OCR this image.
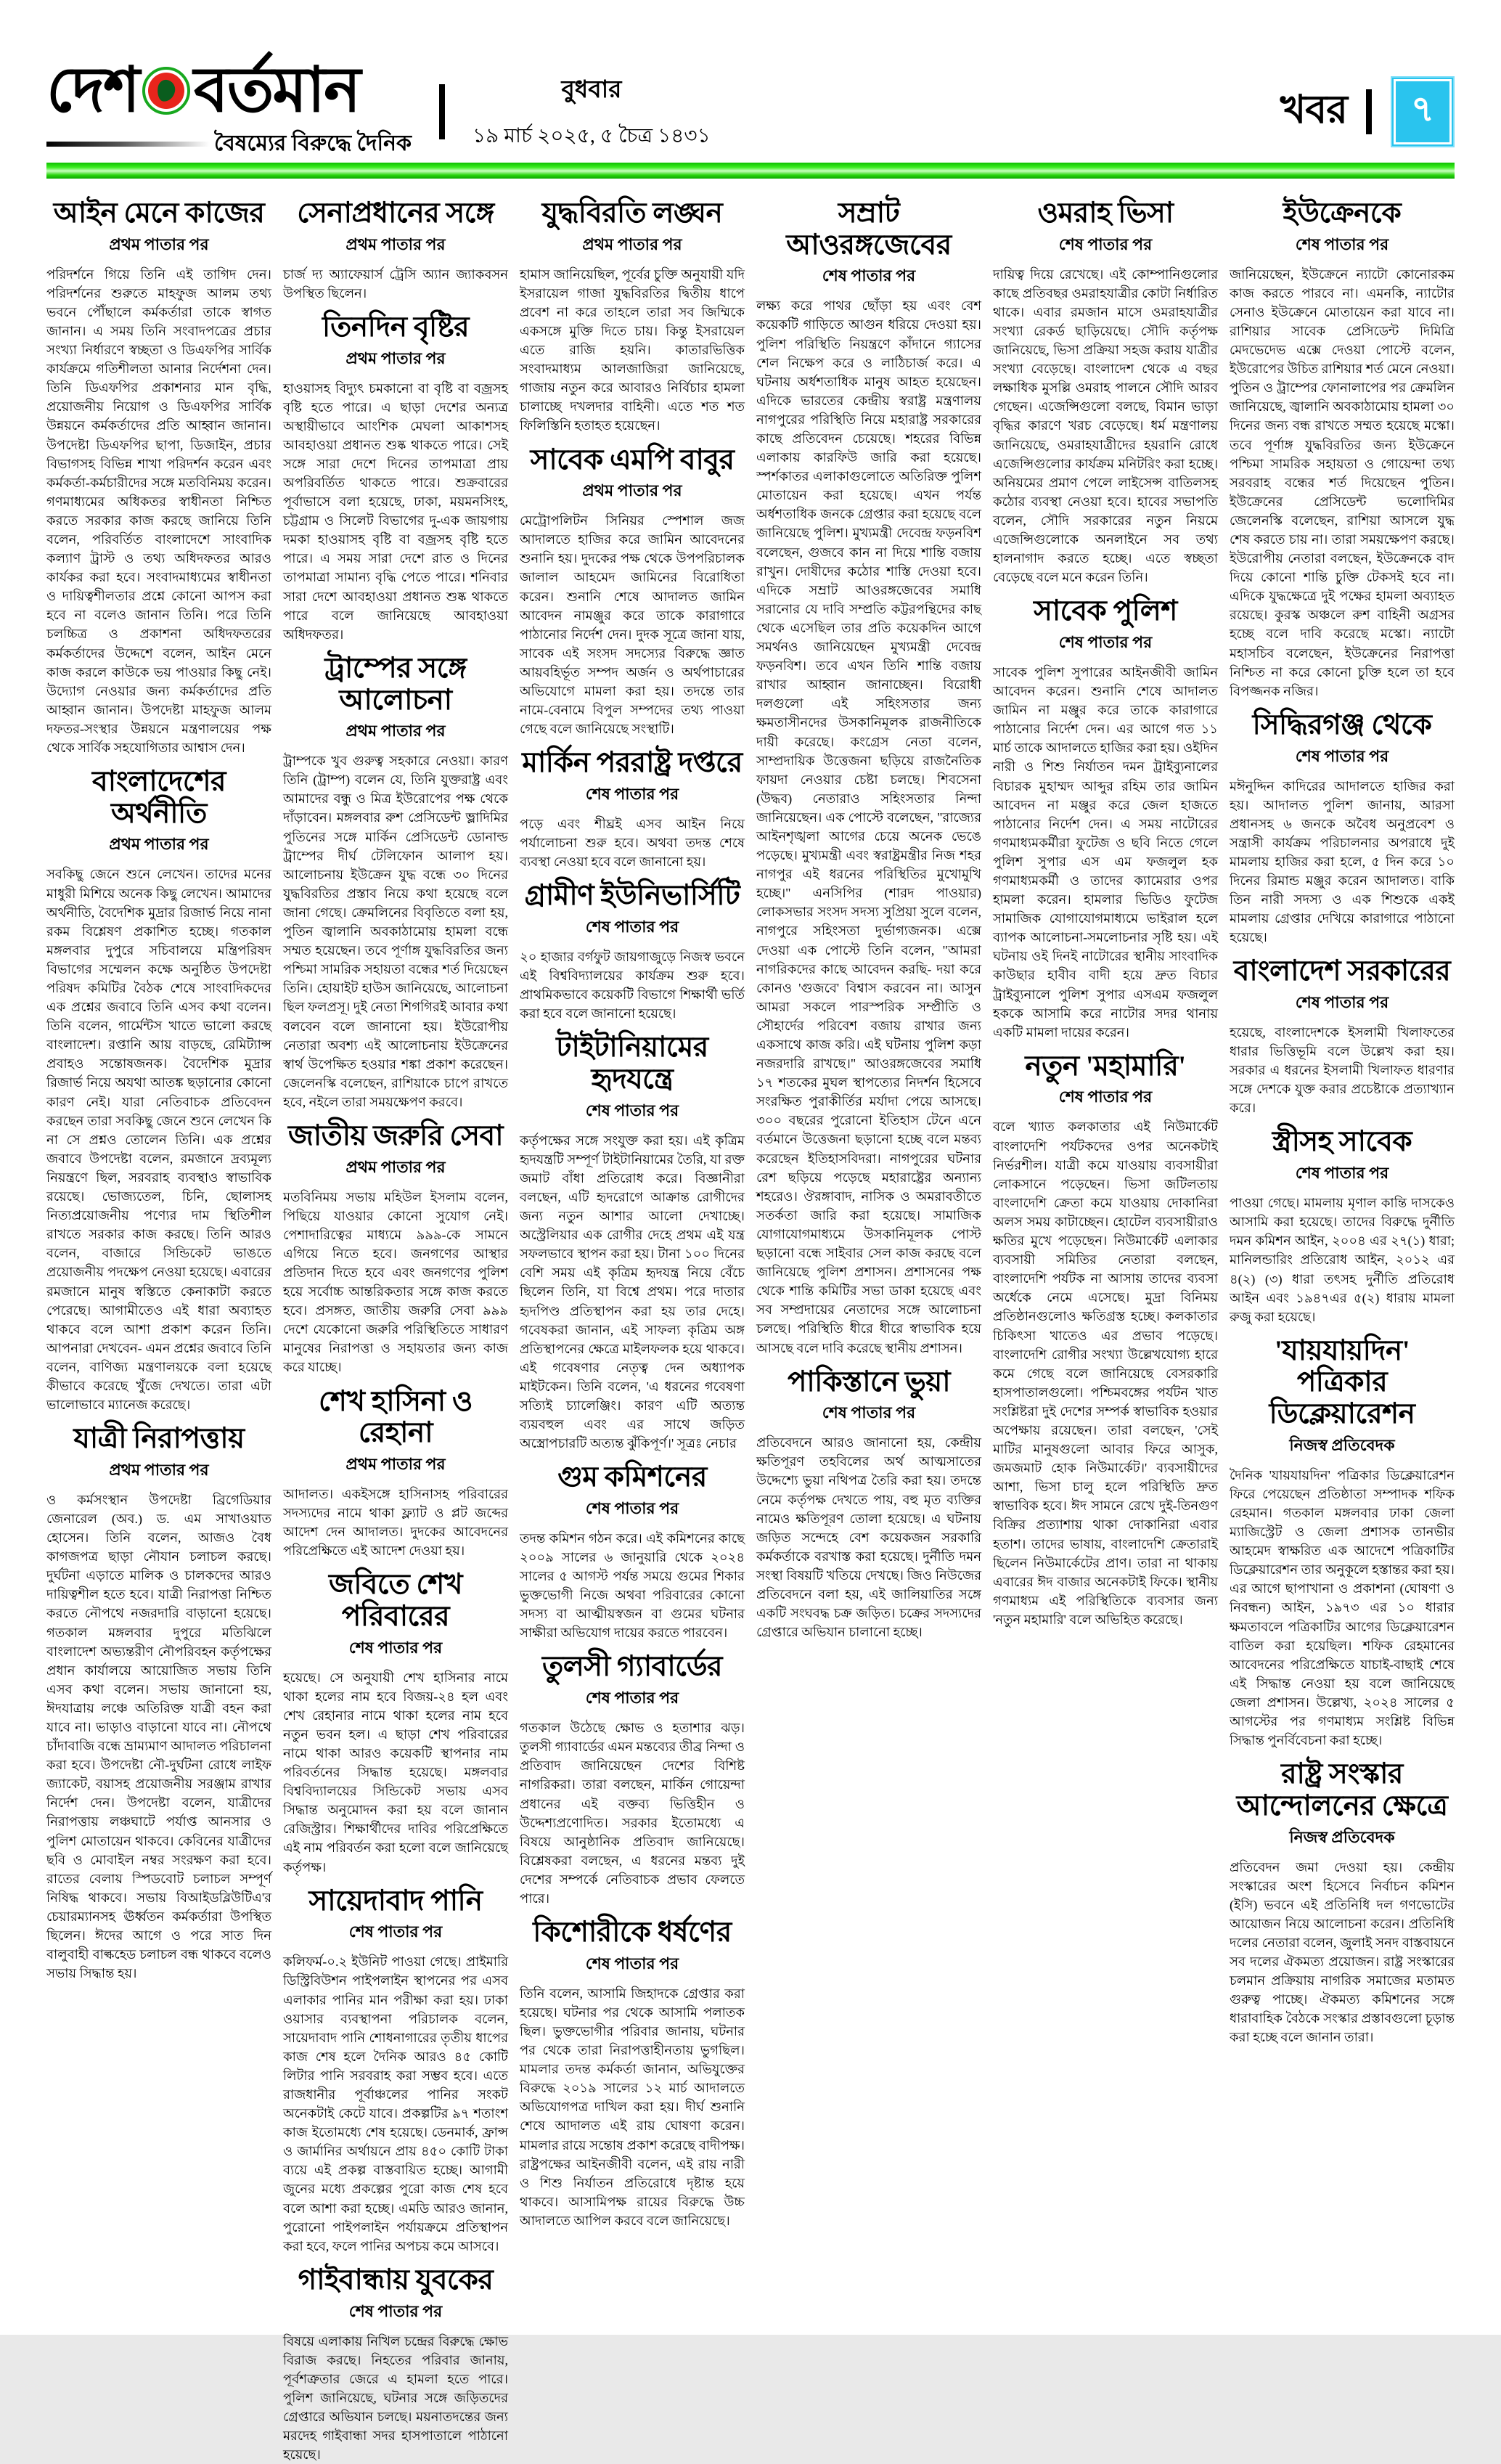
দেশ বর্তমান
বৈষম্যের বিরুদ্ধে দৈনিক
বুধবার
১৯ মার্চ ২০২৫, ৫ চৈত্র ১৪৩১
খবর	৭
আইন মেনে কাজের
প্রথম পাতার পর
পরিদর্শনে গিয়ে তিনি এই তাগিদ দেন। পরিদর্শনের শুরুতে মাহফুজ আলম তথ্য ভবনে পৌঁছালে কর্মকর্তারা তাকে স্বাগত জানান। এ সময় তিনি সংবাদপত্রের প্রচার সংখ্যা নির্ধারণে স্বচ্ছতা ও ডিএফপির সার্বিক কার্যক্রমে গতিশীলতা আনার নির্দেশনা দেন। তিনি ডিএফপির প্রকাশনার মান বৃদ্ধি, প্রয়োজনীয় নিয়োগ ও ডিএফপির সার্বিক উন্নয়নে কর্মকর্তাদের প্রতি আহ্বান জানান। উপদেষ্টা ডিএফপির ছাপা, ডিজাইন, প্রচার বিভাগসহ বিভিন্ন শাখা পরিদর্শন করেন এবং কর্মকর্তা-কর্মচারীদের সঙ্গে মতবিনিময় করেন। গণমাধ্যমের অধিকতর স্বাধীনতা নিশ্চিত করতে সরকার কাজ করছে জানিয়ে তিনি বলেন, পরিবর্তিত বাংলাদেশে সাংবাদিক কল্যাণ ট্রাস্ট ও তথ্য অধিদফতর আরও কার্যকর করা হবে। সংবাদমাধ্যমের স্বাধীনতা ও দায়িত্বশীলতার প্রশ্নে কোনো আপস করা হবে না বলেও জানান তিনি। পরে তিনি চলচ্চিত্র ও প্রকাশনা অধিদফতরের কর্মকর্তাদের উদ্দেশে বলেন, আইন মেনে কাজ করলে কাউকে ভয় পাওয়ার কিছু নেই। উদ্যোগ নেওয়ার জন্য কর্মকর্তাদের প্রতি আহ্বান জানান। উপদেষ্টা মাহফুজ আলম দফতর-সংস্থার উন্নয়নে মন্ত্রণালয়ের পক্ষ থেকে সার্বিক সহযোগিতার আশ্বাস দেন।
বাংলাদেশের অর্থনীতি
প্রথম পাতার পর
সবকিছু জেনে শুনে লেখেন। তাদের মনের মাধুরী মিশিয়ে অনেক কিছু লেখেন। আমাদের অর্থনীতি, বৈদেশিক মুদ্রার রিজার্ভ নিয়ে নানা রকম বিশ্লেষণ প্রকাশিত হচ্ছে। গতকাল মঙ্গলবার দুপুরে সচিবালয়ে মন্ত্রিপরিষদ বিভাগের সম্মেলন কক্ষে অনুষ্ঠিত উপদেষ্টা পরিষদ কমিটির বৈঠক শেষে সাংবাদিকদের এক প্রশ্নের জবাবে তিনি এসব কথা বলেন। তিনি বলেন, গার্মেন্টস খাতে ভালো করছে বাংলাদেশ। রপ্তানি আয় বাড়ছে, রেমিট্যান্স প্রবাহও সন্তোষজনক। বৈদেশিক মুদ্রার রিজার্ভ নিয়ে অযথা আতঙ্ক ছড়ানোর কোনো কারণ নেই। যারা নেতিবাচক প্রতিবেদন করছেন তারা সবকিছু জেনে শুনে লেখেন কি না সে প্রশ্নও তোলেন তিনি। এক প্রশ্নের জবাবে উপদেষ্টা বলেন, রমজানে দ্রব্যমূল্য নিয়ন্ত্রণে ছিল, সরবরাহ ব্যবস্থাও স্বাভাবিক রয়েছে। ভোজ্যতেল, চিনি, ছোলাসহ নিত্যপ্রয়োজনীয় পণ্যের দাম স্থিতিশীল রাখতে সরকার কাজ করছে। তিনি আরও বলেন, বাজারে সিন্ডিকেট ভাঙতে প্রয়োজনীয় পদক্ষেপ নেওয়া হয়েছে। এবারের রমজানে মানুষ স্বস্তিতে কেনাকাটা করতে পেরেছে। আগামীতেও এই ধারা অব্যাহত থাকবে বলে আশা প্রকাশ করেন তিনি। আপনারা দেখবেন- এমন প্রশ্নের জবাবে তিনি বলেন, বাণিজ্য মন্ত্রণালয়কে বলা হয়েছে কীভাবে করেছে খুঁজে দেখতে। তারা এটা ভালোভাবে ম্যানেজ করেছে।
যাত্রী নিরাপত্তায়
প্রথম পাতার পর
ও কর্মসংস্থান উপদেষ্টা ব্রিগেডিয়ার জেনারেল (অব.) ড. এম সাখাওয়াত হোসেন। তিনি বলেন, আজও বৈধ কাগজপত্র ছাড়া নৌযান চলাচল করছে। দুর্ঘটনা এড়াতে মালিক ও চালকদের আরও দায়িত্বশীল হতে হবে। যাত্রী নিরাপত্তা নিশ্চিত করতে নৌপথে নজরদারি বাড়ানো হয়েছে। গতকাল মঙ্গলবার দুপুরে মতিঝিলে বাংলাদেশ অভ্যন্তরীণ নৌপরিবহন কর্তৃপক্ষের প্রধান কার্যালয়ে আয়োজিত সভায় তিনি এসব কথা বলেন। সভায় জানানো হয়, ঈদযাত্রায় লঞ্চে অতিরিক্ত যাত্রী বহন করা যাবে না। ভাড়াও বাড়ানো যাবে না। নৌপথে চাঁদাবাজি বন্ধে ভ্রাম্যমাণ আদালত পরিচালনা করা হবে। উপদেষ্টা নৌ-দুর্ঘটনা রোধে লাইফ জ্যাকেট, বয়াসহ প্রয়োজনীয় সরঞ্জাম রাখার নির্দেশ দেন। উপদেষ্টা বলেন, যাত্রীদের নিরাপত্তায় লঞ্চঘাটে পর্যাপ্ত আনসার ও পুলিশ মোতায়েন থাকবে। কেবিনের যাত্রীদের ছবি ও মোবাইল নম্বর সংরক্ষণ করা হবে। রাতের বেলায় স্পিডবোট চলাচল সম্পূর্ণ নিষিদ্ধ থাকবে। সভায় বিআইডব্লিউটিএ'র চেয়ারম্যানসহ ঊর্ধ্বতন কর্মকর্তারা উপস্থিত ছিলেন। ঈদের আগে ও পরে সাত দিন বালুবাহী বাল্কহেড চলাচল বন্ধ থাকবে বলেও সভায় সিদ্ধান্ত হয়।
সেনাপ্রধানের সঙ্গে
প্রথম পাতার পর
চার্জ দ্য অ্যাফেয়ার্স ট্রেসি অ্যান জ্যাকবসন উপস্থিত ছিলেন।
তিনদিন বৃষ্টির
প্রথম পাতার পর
হাওয়াসহ বিদ্যুৎ চমকানো বা বৃষ্টি বা বজ্রসহ বৃষ্টি হতে পারে। এ ছাড়া দেশের অন্যত্র অস্থায়ীভাবে আংশিক মেঘলা আকাশসহ আবহাওয়া প্রধানত শুষ্ক থাকতে পারে। সেই সঙ্গে সারা দেশে দিনের তাপমাত্রা প্রায় অপরিবর্তিত থাকতে পারে। শুক্রবারের পূর্বাভাসে বলা হয়েছে, ঢাকা, ময়মনসিংহ, চট্টগ্রাম ও সিলেট বিভাগের দু-এক জায়গায় দমকা হাওয়াসহ বৃষ্টি বা বজ্রসহ বৃষ্টি হতে পারে। এ সময় সারা দেশে রাত ও দিনের তাপমাত্রা সামান্য বৃদ্ধি পেতে পারে। শনিবার সারা দেশে আবহাওয়া প্রধানত শুষ্ক থাকতে পারে বলে জানিয়েছে আবহাওয়া অধিদফতর।
ট্রাম্পের সঙ্গে আলোচনা
প্রথম পাতার পর
ট্রাম্পকে খুব গুরুত্ব সহকারে নেওয়া। কারণ তিনি (ট্রাম্প) বলেন যে, তিনি যুক্তরাষ্ট্র এবং আমাদের বন্ধু ও মিত্র ইউরোপের পক্ষ থেকে দাঁড়াবেন। মঙ্গলবার রুশ প্রেসিডেন্ট ভ্লাদিমির পুতিনের সঙ্গে মার্কিন প্রেসিডেন্ট ডোনাল্ড ট্রাম্পের দীর্ঘ টেলিফোন আলাপ হয়। আলোচনায় ইউক্রেন যুদ্ধ বন্ধে ৩০ দিনের যুদ্ধবিরতির প্রস্তাব নিয়ে কথা হয়েছে বলে জানা গেছে। ক্রেমলিনের বিবৃতিতে বলা হয়, পুতিন জ্বালানি অবকাঠামোয় হামলা বন্ধে সম্মত হয়েছেন। তবে পূর্ণাঙ্গ যুদ্ধবিরতির জন্য পশ্চিমা সামরিক সহায়তা বন্ধের শর্ত দিয়েছেন তিনি। হোয়াইট হাউস জানিয়েছে, আলোচনা ছিল ফলপ্রসূ। দুই নেতা শিগগিরই আবার কথা বলবেন বলে জানানো হয়। ইউরোপীয় নেতারা অবশ্য এই আলোচনায় ইউক্রেনের স্বার্থ উপেক্ষিত হওয়ার শঙ্কা প্রকাশ করেছেন। জেলেনস্কি বলেছেন, রাশিয়াকে চাপে রাখতে হবে, নইলে তারা সময়ক্ষেপণ করবে।
জাতীয় জরুরি সেবা
প্রথম পাতার পর
মতবিনিময় সভায় মহিউল ইসলাম বলেন, পিছিয়ে যাওয়ার কোনো সুযোগ নেই। পেশাদারিত্বের মাধ্যমে ৯৯৯-কে সামনে এগিয়ে নিতে হবে। জনগণের আস্থার প্রতিদান দিতে হবে এবং জনগণের পুলিশ হয়ে সর্বোচ্চ আন্তরিকতার সঙ্গে কাজ করতে হবে। প্রসঙ্গত, জাতীয় জরুরি সেবা ৯৯৯ দেশে যেকোনো জরুরি পরিস্থিতিতে সাধারণ মানুষের নিরাপত্তা ও সহায়তার জন্য কাজ করে যাচ্ছে।
শেখ হাসিনা ও রেহানা
প্রথম পাতার পর
আদালত। একইসঙ্গে হাসিনাসহ পরিবারের সদস্যদের নামে থাকা ফ্ল্যাট ও প্লট জব্দের আদেশ দেন আদালত। দুদকের আবেদনের পরিপ্রেক্ষিতে এই আদেশ দেওয়া হয়।
জবিতে শেখ পরিবারের
শেষ পাতার পর
হয়েছে। সে অনুযায়ী শেখ হাসিনার নামে থাকা হলের নাম হবে বিজয়-২৪ হল এবং শেখ রেহানার নামে থাকা হলের নাম হবে নতুন ভবন হল। এ ছাড়া শেখ পরিবারের নামে থাকা আরও কয়েকটি স্থাপনার নাম পরিবর্তনের সিদ্ধান্ত হয়েছে। মঙ্গলবার বিশ্ববিদ্যালয়ের সিন্ডিকেট সভায় এসব সিদ্ধান্ত অনুমোদন করা হয় বলে জানান রেজিস্ট্রার। শিক্ষার্থীদের দাবির পরিপ্রেক্ষিতে এই নাম পরিবর্তন করা হলো বলে জানিয়েছে কর্তৃপক্ষ।
সায়েদাবাদ পানি
শেষ পাতার পর
কলিফর্ম-০.২ ইউনিট পাওয়া গেছে। প্রাইমারি ডিস্ট্রিবিউশন পাইপলাইন স্থাপনের পর এসব এলাকার পানির মান পরীক্ষা করা হয়। ঢাকা ওয়াসার ব্যবস্থাপনা পরিচালক বলেন, সায়েদাবাদ পানি শোধনাগারের তৃতীয় ধাপের কাজ শেষ হলে দৈনিক আরও ৪৫ কোটি লিটার পানি সরবরাহ করা সম্ভব হবে। এতে রাজধানীর পূর্বাঞ্চলের পানির সংকট অনেকটাই কেটে যাবে। প্রকল্পটির ৯৭ শতাংশ কাজ ইতোমধ্যে শেষ হয়েছে। ডেনমার্ক, ফ্রান্স ও জার্মানির অর্থায়নে প্রায় ৪৫০ কোটি টাকা ব্যয়ে এই প্রকল্প বাস্তবায়িত হচ্ছে। আগামী জুনের মধ্যে প্রকল্পের পুরো কাজ শেষ হবে বলে আশা করা হচ্ছে। এমডি আরও জানান, পুরোনো পাইপলাইন পর্যায়ক্রমে প্রতিস্থাপন করা হবে, ফলে পানির অপচয় কমে আসবে।
গাইবান্ধায় যুবকের
শেষ পাতার পর
বিষয়ে এলাকায় নিখিল চন্দ্রের বিরুদ্ধে ক্ষোভ বিরাজ করছে। নিহতের পরিবার জানায়, পূর্বশত্রুতার জেরে এ হামলা হতে পারে। পুলিশ জানিয়েছে, ঘটনার সঙ্গে জড়িতদের গ্রেপ্তারে অভিযান চলছে। ময়নাতদন্তের জন্য মরদেহ গাইবান্ধা সদর হাসপাতালে পাঠানো হয়েছে।
যুদ্ধবিরতি লঙ্ঘন
প্রথম পাতার পর
হামাস জানিয়েছিল, পূর্বের চুক্তি অনুযায়ী যদি ইসরায়েল গাজা যুদ্ধবিরতির দ্বিতীয় ধাপে প্রবেশ না করে তাহলে তারা সব জিম্মিকে একসঙ্গে মুক্তি দিতে চায়। কিন্তু ইসরায়েল এতে রাজি হয়নি। কাতারভিত্তিক সংবাদমাধ্যম আলজাজিরা জানিয়েছে, গাজায় নতুন করে আবারও নির্বিচার হামলা চালাচ্ছে দখলদার বাহিনী। এতে শত শত ফিলিস্তিনি হতাহত হয়েছেন।
সাবেক এমপি বাবুর
প্রথম পাতার পর
মেট্রোপলিটন সিনিয়র স্পেশাল জজ আদালতে হাজির করে জামিন আবেদনের শুনানি হয়। দুদকের পক্ষ থেকে উপপরিচালক জালাল আহমেদ জামিনের বিরোধিতা করেন। শুনানি শেষে আদালত জামিন আবেদন নামঞ্জুর করে তাকে কারাগারে পাঠানোর নির্দেশ দেন। দুদক সূত্রে জানা যায়, সাবেক এই সংসদ সদস্যের বিরুদ্ধে জ্ঞাত আয়বহির্ভূত সম্পদ অর্জন ও অর্থপাচারের অভিযোগে মামলা করা হয়। তদন্তে তার নামে-বেনামে বিপুল সম্পদের তথ্য পাওয়া গেছে বলে জানিয়েছে সংস্থাটি।
মার্কিন পররাষ্ট্র দপ্তরে
শেষ পাতার পর
পড়ে এবং শীঘ্রই এসব আইন নিয়ে পর্যালোচনা শুরু হবে। অথবা তদন্ত শেষে ব্যবস্থা নেওয়া হবে বলে জানানো হয়।
গ্রামীণ ইউনিভার্সিটি
শেষ পাতার পর
২০ হাজার বর্গফুট জায়গাজুড়ে নিজস্ব ভবনে এই বিশ্ববিদ্যালয়ের কার্যক্রম শুরু হবে। প্রাথমিকভাবে কয়েকটি বিভাগে শিক্ষার্থী ভর্তি করা হবে বলে জানানো হয়েছে।
টাইটানিয়ামের হৃদযন্ত্রে
শেষ পাতার পর
কর্তৃপক্ষের সঙ্গে সংযুক্ত করা হয়। এই কৃত্রিম হৃদযন্ত্রটি সম্পূর্ণ টাইটানিয়ামের তৈরি, যা রক্ত জমাট বাঁধা প্রতিরোধ করে। বিজ্ঞানীরা বলছেন, এটি হৃদরোগে আক্রান্ত রোগীদের জন্য নতুন আশার আলো দেখাচ্ছে। অস্ট্রেলিয়ার এক রোগীর দেহে প্রথম এই যন্ত্র সফলভাবে স্থাপন করা হয়। টানা ১০০ দিনের বেশি সময় এই কৃত্রিম হৃদযন্ত্র নিয়ে বেঁচে ছিলেন তিনি, যা বিশ্বে প্রথম। পরে দাতার হৃদপিণ্ড প্রতিস্থাপন করা হয় তার দেহে। গবেষকরা জানান, এই সাফল্য কৃত্রিম অঙ্গ প্রতিস্থাপনের ক্ষেত্রে মাইলফলক হয়ে থাকবে। এই গবেষণার নেতৃত্ব দেন অধ্যাপক মাইটকেন। তিনি বলেন, 'এ ধরনের গবেষণা সত্যিই চ্যালেঞ্জিং। কারণ এটি অত্যন্ত ব্যয়বহুল এবং এর সাথে জড়িত অস্ত্রোপচারটি অত্যন্ত ঝুঁকিপূর্ণ।' সূত্রঃ নেচার
গুম কমিশনের
শেষ পাতার পর
তদন্ত কমিশন গঠন করে। এই কমিশনের কাছে ২০০৯ সালের ৬ জানুয়ারি থেকে ২০২৪ সালের ৫ আগস্ট পর্যন্ত সময়ে গুমের শিকার ভুক্তভোগী নিজে অথবা পরিবারের কোনো সদস্য বা আত্মীয়স্বজন বা গুমের ঘটনার সাক্ষীরা অভিযোগ দায়ের করতে পারবেন।
তুলসী গ্যাবার্ডের
শেষ পাতার পর
গতকাল উঠেছে ক্ষোভ ও হতাশার ঝড়। তুলসী গ্যাবার্ডের এমন মন্তব্যের তীব্র নিন্দা ও প্রতিবাদ জানিয়েছেন দেশের বিশিষ্ট নাগরিকরা। তারা বলছেন, মার্কিন গোয়েন্দা প্রধানের এই বক্তব্য ভিত্তিহীন ও উদ্দেশ্যপ্রণোদিত। সরকার ইতোমধ্যে এ বিষয়ে আনুষ্ঠানিক প্রতিবাদ জানিয়েছে। বিশ্লেষকরা বলছেন, এ ধরনের মন্তব্য দুই দেশের সম্পর্কে নেতিবাচক প্রভাব ফেলতে পারে।
কিশোরীকে ধর্ষণের
শেষ পাতার পর
তিনি বলেন, আসামি জিহাদকে গ্রেপ্তার করা হয়েছে। ঘটনার পর থেকে আসামি পলাতক ছিল। ভুক্তভোগীর পরিবার জানায়, ঘটনার পর থেকে তারা নিরাপত্তাহীনতায় ভুগছিল। মামলার তদন্ত কর্মকর্তা জানান, অভিযুক্তের বিরুদ্ধে ২০১৯ সালের ১২ মার্চ আদালতে অভিযোগপত্র দাখিল করা হয়। দীর্ঘ শুনানি শেষে আদালত এই রায় ঘোষণা করেন। মামলার রায়ে সন্তোষ প্রকাশ করেছে বাদীপক্ষ। রাষ্ট্রপক্ষের আইনজীবী বলেন, এই রায় নারী ও শিশু নির্যাতন প্রতিরোধে দৃষ্টান্ত হয়ে থাকবে। আসামিপক্ষ রায়ের বিরুদ্ধে উচ্চ আদালতে আপিল করবে বলে জানিয়েছে।
সম্রাট আওরঙ্গজেবের
শেষ পাতার পর
লক্ষ্য করে পাথর ছোঁড়া হয় এবং বেশ কয়েকটি গাড়িতে আগুন ধরিয়ে দেওয়া হয়। পুলিশ পরিস্থিতি নিয়ন্ত্রণে কাঁদানে গ্যাসের শেল নিক্ষেপ করে ও লাঠিচার্জ করে। এ ঘটনায় অর্ধশতাধিক মানুষ আহত হয়েছেন। এদিকে ভারতের কেন্দ্রীয় স্বরাষ্ট্র মন্ত্রণালয় নাগপুরের পরিস্থিতি নিয়ে মহারাষ্ট্র সরকারের কাছে প্রতিবেদন চেয়েছে। শহরের বিভিন্ন এলাকায় কারফিউ জারি করা হয়েছে। স্পর্শকাতর এলাকাগুলোতে অতিরিক্ত পুলিশ মোতায়েন করা হয়েছে। এখন পর্যন্ত অর্ধশতাধিক জনকে গ্রেপ্তার করা হয়েছে বলে জানিয়েছে পুলিশ। মুখ্যমন্ত্রী দেবেন্দ্র ফড়নবিশ বলেছেন, গুজবে কান না দিয়ে শান্তি বজায় রাখুন। দোষীদের কঠোর শাস্তি দেওয়া হবে। এদিকে সম্রাট আওরঙ্গজেবের সমাধি সরানোর যে দাবি সম্প্রতি কট্টরপন্থিদের কাছ থেকে এসেছিল তার প্রতি কয়েকদিন আগে সমর্থনও জানিয়েছেন মুখ্যমন্ত্রী দেবেন্দ্র ফড়নবিশ। তবে এখন তিনি শান্তি বজায় রাখার আহ্বান জানাচ্ছেন। বিরোধী দলগুলো এই সহিংসতার জন্য ক্ষমতাসীনদের উসকানিমূলক রাজনীতিকে দায়ী করেছে। কংগ্রেস নেতা বলেন, সাম্প্রদায়িক উত্তেজনা ছড়িয়ে রাজনৈতিক ফায়দা নেওয়ার চেষ্টা চলছে। শিবসেনা (উদ্ধব) নেতারাও সহিংসতার নিন্দা জানিয়েছেন। এক পোস্টে বলেছেন, "রাজ্যের আইনশৃঙ্খলা আগের চেয়ে অনেক ভেঙে পড়েছে। মুখ্যমন্ত্রী এবং স্বরাষ্ট্রমন্ত্রীর নিজ শহর নাগপুর এই ধরনের পরিস্থিতির মুখোমুখি হচ্ছে।" এনসিপির (শারদ পাওয়ার) লোকসভার সংসদ সদস্য সুপ্রিয়া সুলে বলেন, নাগপুরে সহিংসতা দুর্ভাগ্যজনক। এক্সে দেওয়া এক পোস্টে তিনি বলেন, "আমরা নাগরিকদের কাছে আবেদন করছি- দয়া করে কোনও 'গুজবে' বিশ্বাস করবেন না। আসুন আমরা সকলে পারস্পরিক সম্প্রীতি ও সৌহার্দের পরিবেশ বজায় রাখার জন্য একসাথে কাজ করি। এই ঘটনায় পুলিশ কড়া নজরদারি রাখছে।" আওরঙ্গজেবের সমাধি ১৭ শতকের মুঘল স্থাপত্যের নিদর্শন হিসেবে সংরক্ষিত পুরাকীর্তির মর্যাদা পেয়ে আসছে। ৩০০ বছরের পুরোনো ইতিহাস টেনে এনে বর্তমানে উত্তেজনা ছড়ানো হচ্ছে বলে মন্তব্য করেছেন ইতিহাসবিদরা। নাগপুরের ঘটনার রেশ ছড়িয়ে পড়েছে মহারাষ্ট্রের অন্যান্য শহরেও। ঔরঙ্গাবাদ, নাসিক ও অমরাবতীতে সতর্কতা জারি করা হয়েছে। সামাজিক যোগাযোগমাধ্যমে উসকানিমূলক পোস্ট ছড়ানো বন্ধে সাইবার সেল কাজ করছে বলে জানিয়েছে পুলিশ প্রশাসন। প্রশাসনের পক্ষ থেকে শান্তি কমিটির সভা ডাকা হয়েছে এবং সব সম্প্রদায়ের নেতাদের সঙ্গে আলোচনা চলছে। পরিস্থিতি ধীরে ধীরে স্বাভাবিক হয়ে আসছে বলে দাবি করেছে স্থানীয় প্রশাসন।
পাকিস্তানে ভুয়া
শেষ পাতার পর
প্রতিবেদনে আরও জানানো হয়, কেন্দ্রীয় ক্ষতিপূরণ তহবিলের অর্থ আত্মসাতের উদ্দেশ্যে ভুয়া নথিপত্র তৈরি করা হয়। তদন্তে নেমে কর্তৃপক্ষ দেখতে পায়, বহু মৃত ব্যক্তির নামেও ক্ষতিপূরণ তোলা হয়েছে। এ ঘটনায় জড়িত সন্দেহে বেশ কয়েকজন সরকারি কর্মকর্তাকে বরখাস্ত করা হয়েছে। দুর্নীতি দমন সংস্থা বিষয়টি খতিয়ে দেখছে। জিও নিউজের প্রতিবেদনে বলা হয়, এই জালিয়াতির সঙ্গে একটি সংঘবদ্ধ চক্র জড়িত। চক্রের সদস্যদের গ্রেপ্তারে অভিযান চালানো হচ্ছে।
ওমরাহ ভিসা
শেষ পাতার পর
দায়িত্ব দিয়ে রেখেছে। এই কোম্পানিগুলোর কাছে প্রতিবছর ওমরাহযাত্রীর কোটা নির্ধারিত থাকে। এবার রমজান মাসে ওমরাহযাত্রীর সংখ্যা রেকর্ড ছাড়িয়েছে। সৌদি কর্তৃপক্ষ জানিয়েছে, ভিসা প্রক্রিয়া সহজ করায় যাত্রীর সংখ্যা বেড়েছে। বাংলাদেশ থেকে এ বছর লক্ষাধিক মুসল্লি ওমরাহ পালনে সৌদি আরব গেছেন। এজেন্সিগুলো বলছে, বিমান ভাড়া বৃদ্ধির কারণে খরচ বেড়েছে। ধর্ম মন্ত্রণালয় জানিয়েছে, ওমরাহযাত্রীদের হয়রানি রোধে এজেন্সিগুলোর কার্যক্রম মনিটরিং করা হচ্ছে। অনিয়মের প্রমাণ পেলে লাইসেন্স বাতিলসহ কঠোর ব্যবস্থা নেওয়া হবে। হাবের সভাপতি বলেন, সৌদি সরকারের নতুন নিয়মে এজেন্সিগুলোকে অনলাইনে সব তথ্য হালনাগাদ করতে হচ্ছে। এতে স্বচ্ছতা বেড়েছে বলে মনে করেন তিনি।
সাবেক পুলিশ
শেষ পাতার পর
সাবেক পুলিশ সুপারের আইনজীবী জামিন আবেদন করেন। শুনানি শেষে আদালত জামিন না মঞ্জুর করে তাকে কারাগারে পাঠানোর নির্দেশ দেন। এর আগে গত ১১ মার্চ তাকে আদালতে হাজির করা হয়। ওইদিন নারী ও শিশু নির্যাতন দমন ট্রাইব্যুনালের বিচারক মুহাম্মদ আব্দুর রহিম তার জামিন আবেদন না মঞ্জুর করে জেল হাজতে পাঠানোর নির্দেশ দেন। এ সময় নাটোরের গণমাধ্যমকর্মীরা ফুটেজ ও ছবি নিতে গেলে পুলিশ সুপার এস এম ফজলুল হক গণমাধ্যমকর্মী ও তাদের ক্যামেরার ওপর হামলা করেন। হামলার ভিডিও ফুটেজ সামাজিক যোগাযোগমাধ্যমে ভাইরাল হলে ব্যাপক আলোচনা-সমলোচনার সৃষ্টি হয়। এই ঘটনায় ওই দিনই নাটোরের স্থানীয় সাংবাদিক কাউছার হাবীব বাদী হয়ে দ্রুত বিচার ট্রাইব্যুনালে পুলিশ সুপার এসএম ফজলুল হককে আসামি করে নাটোর সদর থানায় একটি মামলা দায়ের করেন।
নতুন 'মহামারি'
শেষ পাতার পর
বলে খ্যাত কলকাতার এই নিউমার্কেট বাংলাদেশি পর্যটকদের ওপর অনেকটাই নির্ভরশীল। যাত্রী কমে যাওয়ায় ব্যবসায়ীরা লোকসানে পড়েছেন। ভিসা জটিলতায় বাংলাদেশি ক্রেতা কমে যাওয়ায় দোকানিরা অলস সময় কাটাচ্ছেন। হোটেল ব্যবসায়ীরাও ক্ষতির মুখে পড়েছেন। নিউমার্কেট এলাকার ব্যবসায়ী সমিতির নেতারা বলছেন, বাংলাদেশি পর্যটক না আসায় তাদের ব্যবসা অর্ধেকে নেমে এসেছে। মুদ্রা বিনিময় প্রতিষ্ঠানগুলোও ক্ষতিগ্রস্ত হচ্ছে। কলকাতার চিকিৎসা খাতেও এর প্রভাব পড়েছে। বাংলাদেশি রোগীর সংখ্যা উল্লেখযোগ্য হারে কমে গেছে বলে জানিয়েছে বেসরকারি হাসপাতালগুলো। পশ্চিমবঙ্গের পর্যটন খাত সংশ্লিষ্টরা দুই দেশের সম্পর্ক স্বাভাবিক হওয়ার অপেক্ষায় রয়েছেন। তারা বলছেন, 'সেই মাটির মানুষগুলো আবার ফিরে আসুক, জমজমাট হোক নিউমার্কেট।' ব্যবসায়ীদের আশা, ভিসা চালু হলে পরিস্থিতি দ্রুত স্বাভাবিক হবে। ঈদ সামনে রেখে দুই-তিনগুণ বিক্রির প্রত্যাশায় থাকা দোকানিরা এবার হতাশ। তাদের ভাষায়, বাংলাদেশি ক্রেতারাই ছিলেন নিউমার্কেটের প্রাণ। তারা না থাকায় এবারের ঈদ বাজার অনেকটাই ফিকে। স্থানীয় গণমাধ্যম এই পরিস্থিতিকে ব্যবসার জন্য 'নতুন মহামারি' বলে অভিহিত করেছে।
ইউক্রেনকে
শেষ পাতার পর
জানিয়েছেন, ইউক্রেনে ন্যাটো কোনোরকম কাজ করতে পারবে না। এমনকি, ন্যাটোর সেনাও ইউক্রেনে মোতায়েন করা যাবে না। রাশিয়ার সাবেক প্রেসিডেন্ট দিমিত্রি মেদভেদেভ এক্সে দেওয়া পোস্টে বলেন, ইউরোপের উচিত রাশিয়ার শর্ত মেনে নেওয়া। পুতিন ও ট্রাম্পের ফোনালাপের পর ক্রেমলিন জানিয়েছে, জ্বালানি অবকাঠামোয় হামলা ৩০ দিনের জন্য বন্ধ রাখতে সম্মত হয়েছে মস্কো। তবে পূর্ণাঙ্গ যুদ্ধবিরতির জন্য ইউক্রেনে পশ্চিমা সামরিক সহায়তা ও গোয়েন্দা তথ্য সরবরাহ বন্ধের শর্ত দিয়েছেন পুতিন। ইউক্রেনের প্রেসিডেন্ট ভলোদিমির জেলেনস্কি বলেছেন, রাশিয়া আসলে যুদ্ধ শেষ করতে চায় না। তারা সময়ক্ষেপণ করছে। ইউরোপীয় নেতারা বলছেন, ইউক্রেনকে বাদ দিয়ে কোনো শান্তি চুক্তি টেকসই হবে না। এদিকে যুদ্ধক্ষেত্রে দুই পক্ষের হামলা অব্যাহত রয়েছে। কুরস্ক অঞ্চলে রুশ বাহিনী অগ্রসর হচ্ছে বলে দাবি করেছে মস্কো। ন্যাটো মহাসচিব বলেছেন, ইউক্রেনের নিরাপত্তা নিশ্চিত না করে কোনো চুক্তি হলে তা হবে বিপজ্জনক নজির।
সিদ্ধিরগঞ্জ থেকে
শেষ পাতার পর
মঈনুদ্দিন কাদিরের আদালতে হাজির করা হয়। আদালত পুলিশ জানায়, আরসা প্রধানসহ ৬ জনকে অবৈধ অনুপ্রবেশ ও সন্ত্রাসী কার্যক্রম পরিচালনার অপরাধে দুই মামলায় হাজির করা হলে, ৫ দিন করে ১০ দিনের রিমান্ড মঞ্জুর করেন আদালত। বাকি তিন নারী সদস্য ও এক শিশুকে একই মামলায় গ্রেপ্তার দেখিয়ে কারাগারে পাঠানো হয়েছে।
বাংলাদেশ সরকারের
শেষ পাতার পর
হয়েছে, বাংলাদেশকে ইসলামী খিলাফতের ধারার ভিত্তিভূমি বলে উল্লেখ করা হয়। সরকার এ ধরনের ইসলামী খিলাফত ধারণার সঙ্গে দেশকে যুক্ত করার প্রচেষ্টাকে প্রত্যাখ্যান করে।
স্ত্রীসহ সাবেক
শেষ পাতার পর
পাওয়া গেছে। মামলায় মৃণাল কান্তি দাসকেও আসামি করা হয়েছে। তাদের বিরুদ্ধে দুর্নীতি দমন কমিশন আইন, ২০০৪ এর ২৭(১) ধারা; মানিলন্ডারিং প্রতিরোধ আইন, ২০১২ এর ৪(২) (৩) ধারা তৎসহ দুর্নীতি প্রতিরোধ আইন এবং ১৯৪৭এর ৫(২) ধারায় মামলা রুজু করা হয়েছে।
'যায়যায়দিন' পত্রিকার ডিক্লেয়ারেশন
নিজস্ব প্রতিবেদক
দৈনিক 'যায়যায়দিন' পত্রিকার ডিক্লেয়ারেশন ফিরে পেয়েছেন প্রতিষ্ঠাতা সম্পাদক শফিক রেহমান। গতকাল মঙ্গলবার ঢাকা জেলা ম্যাজিস্ট্রেট ও জেলা প্রশাসক তানভীর আহমেদ স্বাক্ষরিত এক আদেশে পত্রিকাটির ডিক্লেয়ারেশন তার অনুকূলে হস্তান্তর করা হয়। এর আগে ছাপাখানা ও প্রকাশনা (ঘোষণা ও নিবন্ধন) আইন, ১৯৭৩ এর ১০ ধারার ক্ষমতাবলে পত্রিকাটির আগের ডিক্লেয়ারেশন বাতিল করা হয়েছিল। শফিক রেহমানের আবেদনের পরিপ্রেক্ষিতে যাচাই-বাছাই শেষে এই সিদ্ধান্ত নেওয়া হয় বলে জানিয়েছে জেলা প্রশাসন। উল্লেখ্য, ২০২৪ সালের ৫ আগস্টের পর গণমাধ্যম সংশ্লিষ্ট বিভিন্ন সিদ্ধান্ত পুনর্বিবেচনা করা হচ্ছে।
রাষ্ট্র সংস্কার আন্দোলনের ক্ষেত্রে
নিজস্ব প্রতিবেদক
প্রতিবেদন জমা দেওয়া হয়। কেন্দ্রীয় সংস্কারের অংশ হিসেবে নির্বাচন কমিশন (ইসি) ভবনে এই প্রতিনিধি দল গণভোটের আয়োজন নিয়ে আলোচনা করেন। প্রতিনিধি দলের নেতারা বলেন, জুলাই সনদ বাস্তবায়নে সব দলের ঐকমত্য প্রয়োজন। রাষ্ট্র সংস্কারের চলমান প্রক্রিয়ায় নাগরিক সমাজের মতামত গুরুত্ব পাচ্ছে। ঐকমত্য কমিশনের সঙ্গে ধারাবাহিক বৈঠকে সংস্কার প্রস্তাবগুলো চূড়ান্ত করা হচ্ছে বলে জানান তারা।
